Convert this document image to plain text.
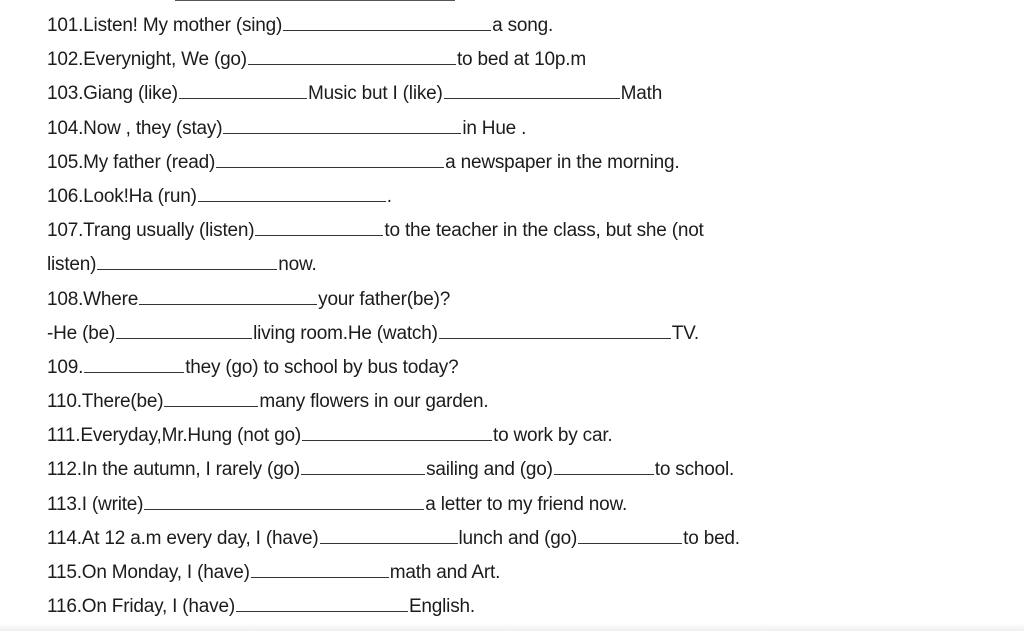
101.Listen! My mother (sing)	a song.
102.Everynight, We (go)	to bed at 10p.m
103.Giang (like)	Music but I (like)	Math
104.Now , they (stay)	in Hue .
105.My father (read)	a newspaper in the morning.
106.Look!Ha (run)	.
107.Trang usually (listen)	to the teacher in the class, but she (not
listen)	now.
108.Where	your father(be)?
-He (be)	living room.He (watch)	TV.
109.	they (go) to school by bus today?
110.There(be)	many flowers in our garden.
111.Everyday,Mr.Hung (not go)	to work by car.
112.In the autumn, I rarely (go)	sailing and (go)	to school.
113.I (write)	a letter to my friend now.
114.At 12 a.m every day, I (have)	lunch and (go)	to bed.
115.On Monday, I (have)	math and Art.
116.On Friday, I (have)	English.
